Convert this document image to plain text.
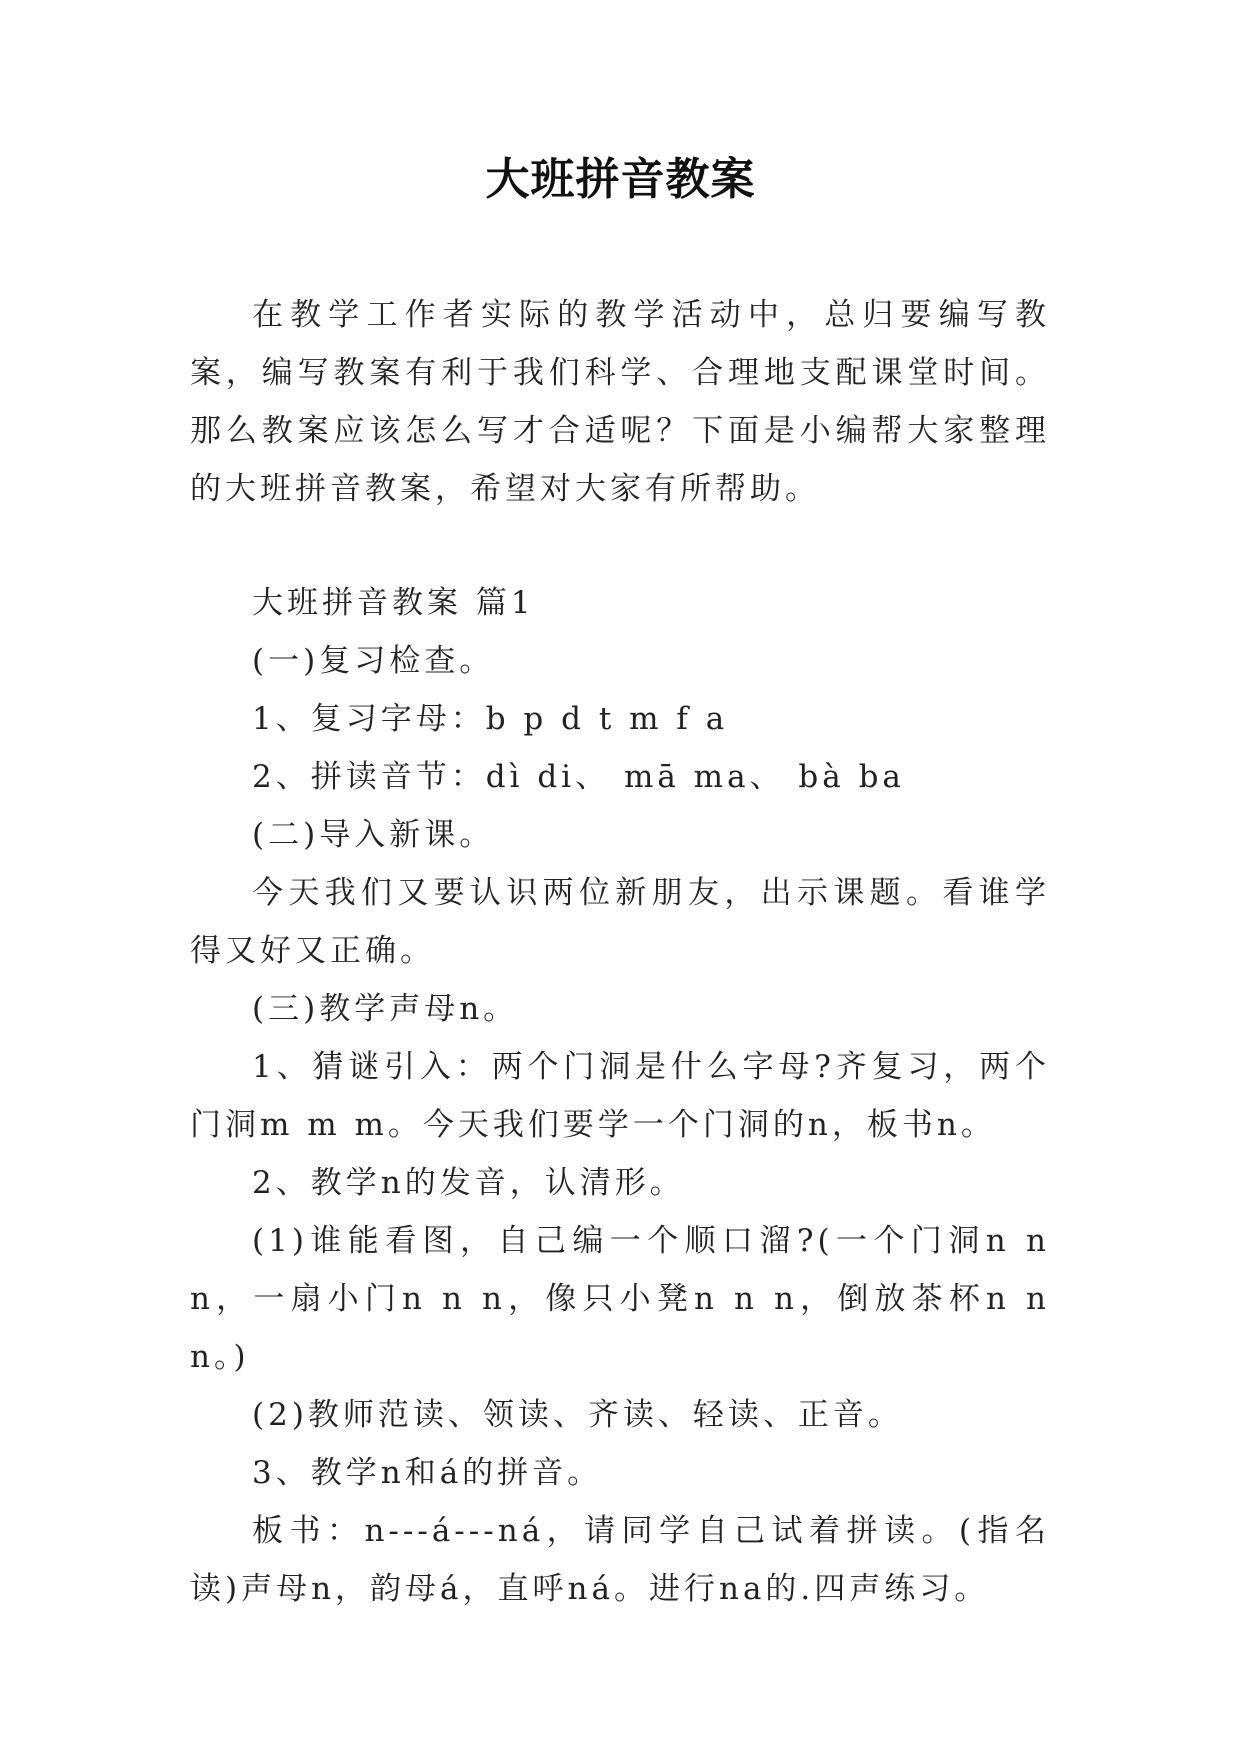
大班拼音教案

在教学工作者实际的教学活动中，总归要编写教案，编写教案有利于我们科学、合理地支配课堂时间。那么教案应该怎么写才合适呢？下面是小编帮大家整理的大班拼音教案，希望对大家有所帮助。

大班拼音教案 篇1

(一)复习检查。

1、复习字母：b p d t m f a

2、拼读音节：dì di、 mā ma、 bà ba

(二)导入新课。

今天我们又要认识两位新朋友，出示课题。看谁学得又好又正确。

(三)教学声母n。

1、猜谜引入：两个门洞是什么字母?齐复习，两个门洞m m m。今天我们要学一个门洞的n，板书n。

2、教学n的发音，认清形。

(1)谁能看图，自己编一个顺口溜?(一个门洞n n n，一扇小门n n n，像只小凳n n n，倒放茶杯n n n。)

(2)教师范读、领读、齐读、轻读、正音。

3、教学n和á的拼音。

板书：n---á---ná，请同学自己试着拼读。(指名读)声母n，韵母á，直呼ná。进行na的.四声练习。
